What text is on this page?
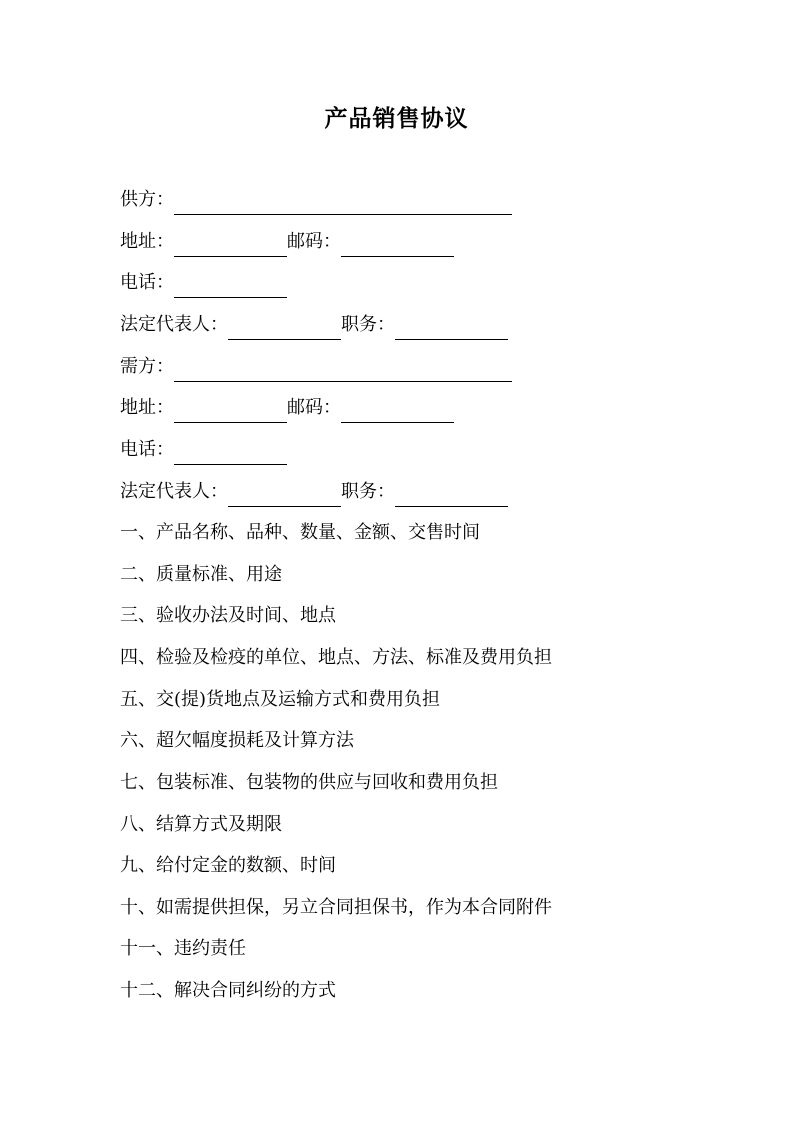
产品销售协议
供方：
地址：	邮码：
电话：
法定代表人：	职务：
需方：
地址：	邮码：
电话：
法定代表人：	职务：
一、产品名称、品种、数量、金额、交售时间
二、质量标准、用途
三、验收办法及时间、地点
四、检验及检疫的单位、地点、方法、标准及费用负担
五、交(提)货地点及运输方式和费用负担
六、超欠幅度损耗及计算方法
七、包装标准、包装物的供应与回收和费用负担
八、结算方式及期限
九、给付定金的数额、时间
十、如需提供担保，另立合同担保书，作为本合同附件
十一、违约责任
十二、解决合同纠纷的方式
